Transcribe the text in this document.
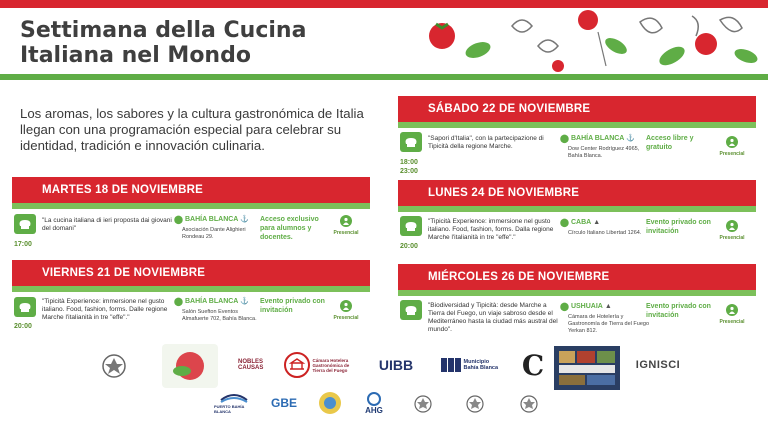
Settimana della Cucina
Italiana nel Mondo
Los aromas, los sabores y la cultura gastronómica de Italia llegan con una programación especial para celebrar su identidad, tradición e innovación culinaria.
MARTES 18 DE NOVIEMBRE
17:00
"La cucina italiana di ieri proposta dai giovani del domani"
⬤ BAHÍA BLANCA ⚓
Asociación Dante Alighieri Rondeau 29.
Acceso exclusivo para alumnos y docentes.
Presencial
VIERNES 21 DE NOVIEMBRE
20:00
"Tipicità Experience: immersione nel gusto italiano. Food, fashion, forms. Dalle regione Marche l'italianità in tre "effe"."
⬤ BAHÍA BLANCA ⚓
Salón Suefton Eventos Almafuerte 702, Bahía Blanca.
Evento privado con invitación
Presencial
SÁBADO 22 DE NOVIEMBRE
18:00 23:00
"Sapori d'Italia", con la partecipazione di Tipicità della regione Marche.
⬤ BAHÍA BLANCA ⚓
Dow Center Rodríguez 4965, Bahía Blanca.
Acceso libre y gratuito
Presencial
LUNES 24 DE NOVIEMBRE
20:00
"Tipicità Experience: immersione nel gusto italiano. Food, fashion, forms. Dalla regione Marche l'italianità in tre "effe"."
⬤ CABA ▲
Círculo Italiano Libertad 1264.
Evento privado con invitación
Presencial
MIÉRCOLES 26 DE NOVIEMBRE
"Biodiversidad y Tipicità: desde Marche a Tierra del Fuego, un viaje sabroso desde el Mediterráneo hasta la ciudad más austral del mundo".
⬤ USHUAIA ▲
Cámara de Hotelería y Gastronomía de Tierra del Fuego Yerkan 812.
Evento privado con invitación
Presencial
NOBLES CAUSAS
Cámara Hotelera Gastronómica de Tierra del Fuego	UIBB	Municipio Bahía Blanca C	IGNISCI
PUERTO BAHÍA BLANCA
GBE	AHG
